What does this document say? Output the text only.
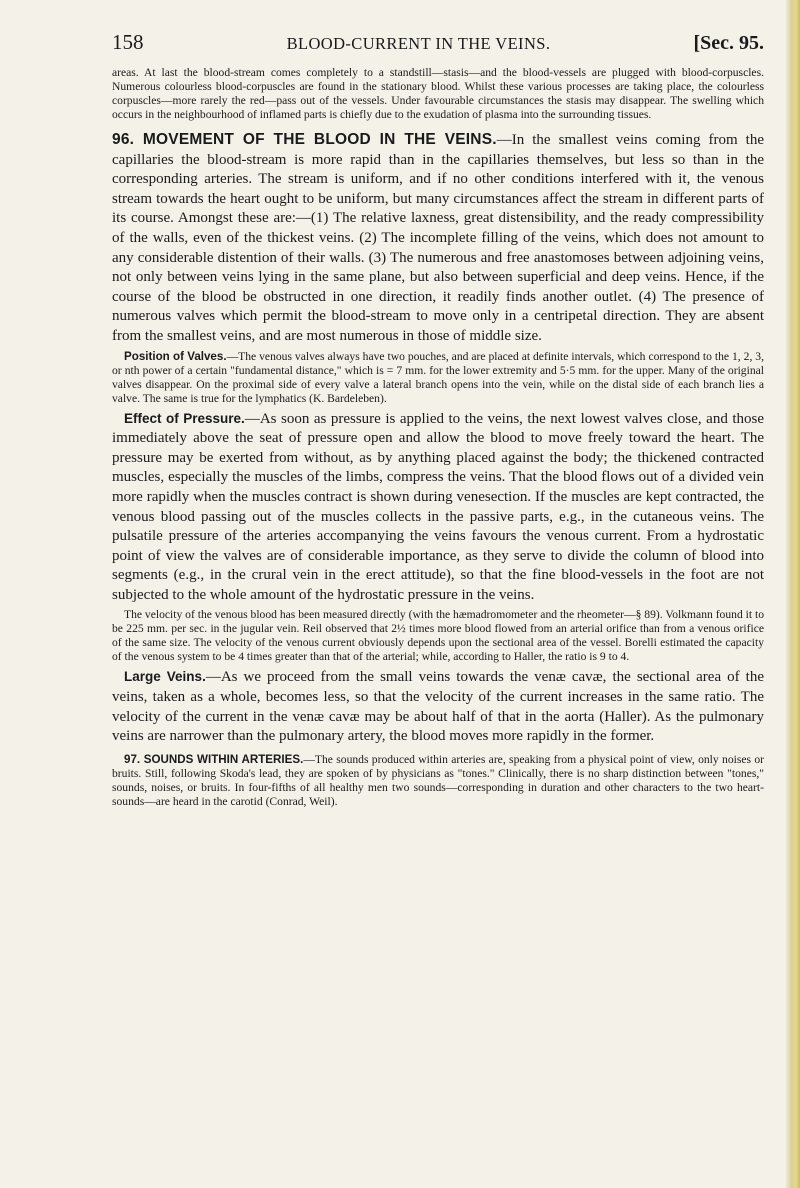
158	BLOOD-CURRENT IN THE VEINS.	[Sec. 95.

areas. At last the blood-stream comes completely to a standstill—stasis—and the blood-vessels are plugged with blood-corpuscles. Numerous colourless blood-corpuscles are found in the stationary blood. Whilst these various processes are taking place, the colourless corpuscles—more rarely the red—pass out of the vessels. Under favourable circumstances the stasis may disappear. The swelling which occurs in the neighbourhood of inflamed parts is chiefly due to the exudation of plasma into the surrounding tissues.

96. MOVEMENT OF THE BLOOD IN THE VEINS.—In the smallest veins coming from the capillaries the blood-stream is more rapid than in the capillaries themselves, but less so than in the corresponding arteries. The stream is uniform, and if no other conditions interfered with it, the venous stream towards the heart ought to be uniform, but many circumstances affect the stream in different parts of its course. Amongst these are:—(1) The relative laxness, great distensibility, and the ready compressibility of the walls, even of the thickest veins. (2) The incomplete filling of the veins, which does not amount to any considerable distention of their walls. (3) The numerous and free anastomoses between adjoining veins, not only between veins lying in the same plane, but also between superficial and deep veins. Hence, if the course of the blood be obstructed in one direction, it readily finds another outlet. (4) The presence of numerous valves which permit the blood-stream to move only in a centripetal direction. They are absent from the smallest veins, and are most numerous in those of middle size.

Position of Valves.—The venous valves always have two pouches, and are placed at definite intervals, which correspond to the 1, 2, 3, or nth power of a certain "fundamental distance," which is = 7 mm. for the lower extremity and 5·5 mm. for the upper. Many of the original valves disappear. On the proximal side of every valve a lateral branch opens into the vein, while on the distal side of each branch lies a valve. The same is true for the lymphatics (K. Bardeleben).

Effect of Pressure.—As soon as pressure is applied to the veins, the next lowest valves close, and those immediately above the seat of pressure open and allow the blood to move freely toward the heart. The pressure may be exerted from without, as by anything placed against the body; the thickened contracted muscles, especially the muscles of the limbs, compress the veins. That the blood flows out of a divided vein more rapidly when the muscles contract is shown during venesection. If the muscles are kept contracted, the venous blood passing out of the muscles collects in the passive parts, e.g., in the cutaneous veins. The pulsatile pressure of the arteries accompanying the veins favours the venous current. From a hydrostatic point of view the valves are of considerable importance, as they serve to divide the column of blood into segments (e.g., in the crural vein in the erect attitude), so that the fine blood-vessels in the foot are not subjected to the whole amount of the hydrostatic pressure in the veins.

The velocity of the venous blood has been measured directly (with the hæmadromometer and the rheometer—§ 89). Volkmann found it to be 225 mm. per sec. in the jugular vein. Reil observed that 2½ times more blood flowed from an arterial orifice than from a venous orifice of the same size. The velocity of the venous current obviously depends upon the sectional area of the vessel. Borelli estimated the capacity of the venous system to be 4 times greater than that of the arterial; while, according to Haller, the ratio is 9 to 4.

Large Veins.—As we proceed from the small veins towards the venæ cavæ, the sectional area of the veins, taken as a whole, becomes less, so that the velocity of the current increases in the same ratio. The velocity of the current in the venæ cavæ may be about half of that in the aorta (Haller). As the pulmonary veins are narrower than the pulmonary artery, the blood moves more rapidly in the former.

97. SOUNDS WITHIN ARTERIES.—The sounds produced within arteries are, speaking from a physical point of view, only noises or bruits. Still, following Skoda's lead, they are spoken of by physicians as "tones." Clinically, there is no sharp distinction between "tones," sounds, noises, or bruits. In four-fifths of all healthy men two sounds—corresponding in duration and other characters to the two heart-sounds—are heard in the carotid (Conrad, Weil).
